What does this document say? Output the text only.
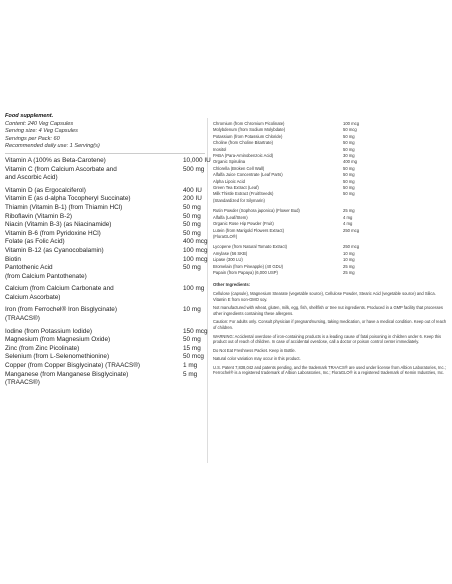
Food supplement.
Content: 240 Veg Capsules
Serving size: 4 Veg Capsules
Servings per Pack: 60
Recommended daily use: 1 Serving(s)
Vitamin A (100% as Beta-Carotene)	10,000 IU
Vitamin C (from Calcium Ascorbate and	500 mg
and Ascorbic Acid)
Vitamin D (as Ergocalciferol)	400 IU
Vitamin E (as d-alpha Tocopheryl Succinate)	200 IU
Thiamin (Vitamin B-1) (from Thiamin HCl)	50 mg
Riboflavin (Vitamin B-2)	50 mg
Niacin (Vitamin B-3) (as Niacinamide)	50 mg
Vitamin B-6 (from Pyridoxine HCl)	50 mg
Folate (as Folic Acid)	400 mcg
Vitamin B-12 (as Cyanocobalamin)	100 mcg
Biotin	100 mcg
Pantothenic Acid	50 mg
(from Calcium Pantothenate)
Calcium (from Calcium Carbonate and	100 mg
Calcium Ascorbate)
Iron (from Ferrochel® Iron Bisglycinate)	10 mg
(TRAACS®)
Iodine (from Potassium Iodide)	150 mcg
Magnesium (from Magnesium Oxide)	50 mg
Zinc (from Zinc Picolinate)	15 mg
Selenium (from L-Selenomethionine)	50 mcg
Copper (from Copper Bisglycinate) (TRAACS®)	1 mg
Manganese (from Manganese Bisglycinate)	5 mg
(TRAACS®)
Chromium (from Chromium Picolinate)	100 mcg
Molybdenum (from Sodium Molybdate)	50 mcg
Potassium (from Potassium Chloride)	50 mg
Choline (from Choline Bitartrate)	50 mg
Inositol	50 mg
PABA (Para-Aminobenzoic Acid)	30 mg
Organic Spirulina	400 mg
Chlorella (Broken Cell Wall)	50 mg
Alfalfa Juice Concentrate (Leaf Parts)	50 mg
Alpha Lipoic Acid	50 mg
Green Tea Extract (Leaf)	50 mg
Milk Thistle Extract (Fruit/Seeds)	50 mg
(Standardized for Silymarin)
Rutin Powder (Sophora japonica) (Flower Bud)	25 mg
Alfalfa (Leaf/Stem)	4 mg
Organic Rose Hip Powder (Fruit)	4 mg
Lutein (from Marigold Flowers Extract)	250 mcg
(FloraGLO®)
Lycopene (from Natural Tomato Extract)	250 mcg
Amylase (56 SKB)	10 mg
Lipase (300 LU)	10 mg
Bromelain (from Pineapple) (40 GDU)	25 mg
Papain (from Papaya) (6,000 USP)	25 mg
Other Ingredients:
Cellulose (capsule), Magnesium Stearate (vegetable source), Cellulose Powder, Stearic Acid (vegetable source) and Silica. Vitamin E from non-GMO soy.
Not manufactured with wheat, gluten, milk, egg, fish, shellfish or tree nut ingredients. Produced in a GMP facility that processes other ingredients containing these allergens.
Caution: For adults only. Consult physician if pregnant/nursing, taking medication, or have a medical condition. Keep out of reach of children.
WARNING: Accidental overdose of iron-containing products is a leading cause of fatal poisoning in children under 6. Keep this product out of reach of children. In case of accidental overdose, call a doctor or poison control center immediately.
Do Not Eat Freshness Packet. Keep in Bottle.
Natural color variation may occur in this product.
U.S. Patent 7,838,042 and patents pending, and the trademark TRAACS® are used under license from Albion Laboratories, Inc.; Ferrochel® is a registered trademark of Albion Laboratories, Inc.; FloraGLO® is a registered trademark of Kemin Industries, Inc.
